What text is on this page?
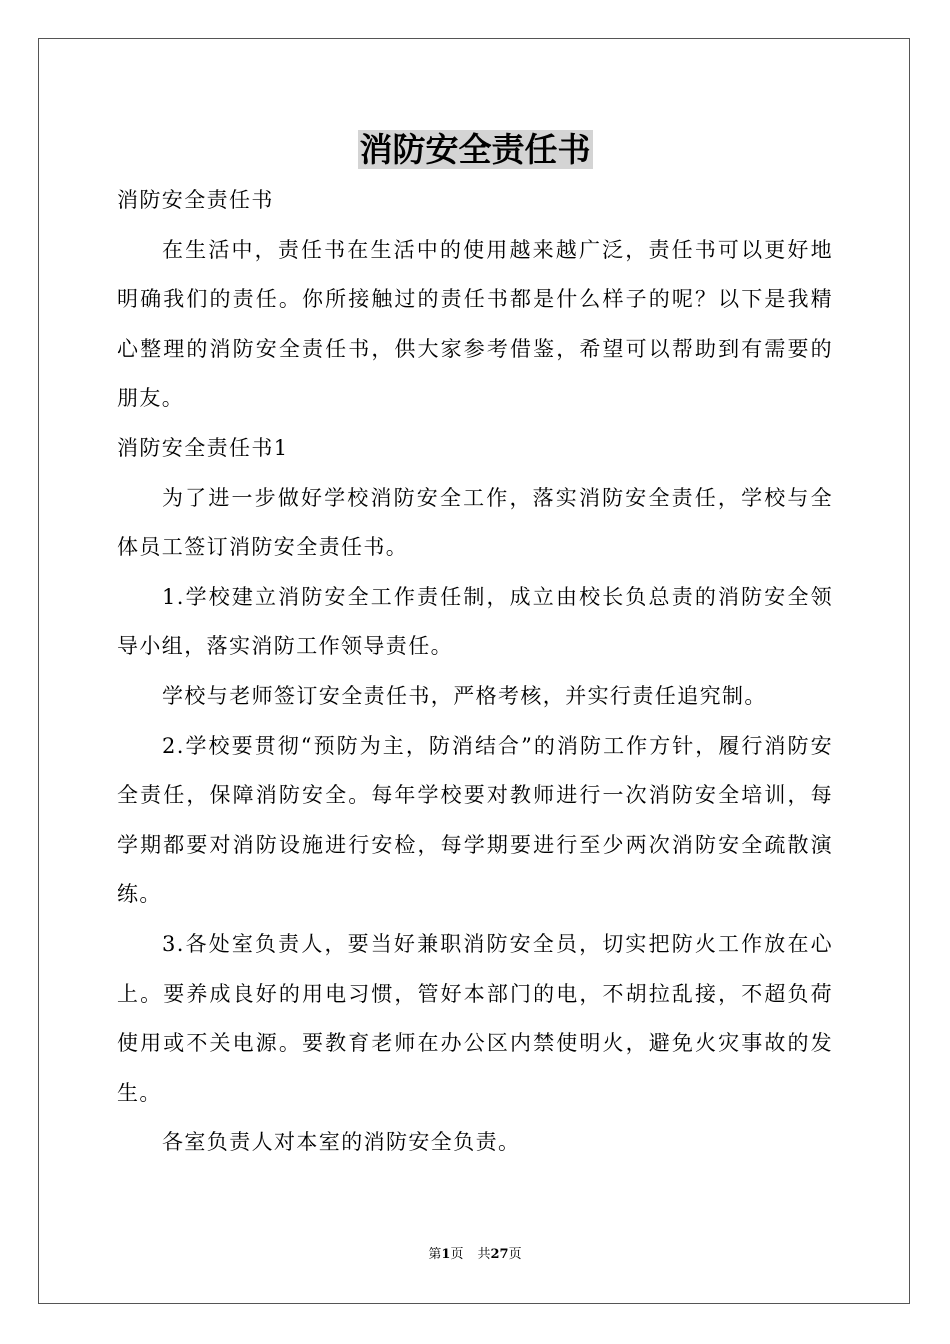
消防安全责任书

消防安全责任书

在生活中，责任书在生活中的使用越来越广泛，责任书可以更好地明确我们的责任。你所接触过的责任书都是什么样子的呢？以下是我精心整理的消防安全责任书，供大家参考借鉴，希望可以帮助到有需要的朋友。

消防安全责任书1

为了进一步做好学校消防安全工作，落实消防安全责任，学校与全体员工签订消防安全责任书。

1.学校建立消防安全工作责任制，成立由校长负总责的消防安全领导小组，落实消防工作领导责任。

学校与老师签订安全责任书，严格考核，并实行责任追究制。

2.学校要贯彻“预防为主，防消结合”的消防工作方针，履行消防安全责任，保障消防安全。每年学校要对教师进行一次消防安全培训，每学期都要对消防设施进行安检，每学期要进行至少两次消防安全疏散演练。

3.各处室负责人，要当好兼职消防安全员，切实把防火工作放在心上。要养成良好的用电习惯，管好本部门的电，不胡拉乱接，不超负荷使用或不关电源。要教育老师在办公区内禁使明火，避免火灾事故的发生。

各室负责人对本室的消防安全负责。

第1页 共27页
